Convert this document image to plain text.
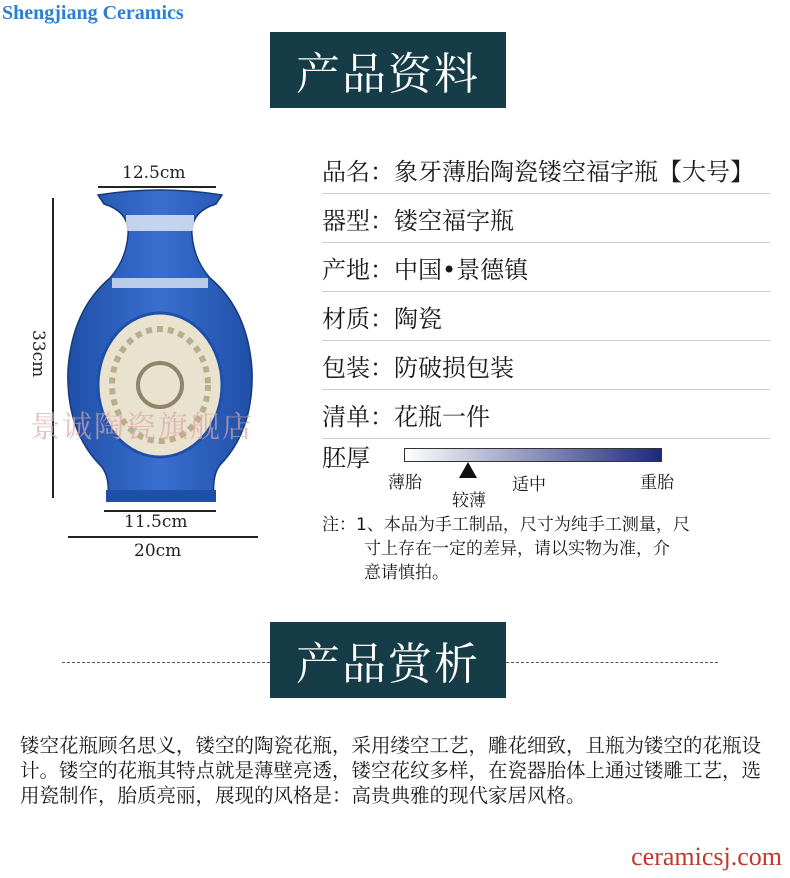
Shengjiang Ceramics
产品资料
12.5cm
33cm
11.5cm
20cm
景诚陶瓷旗舰店
品名： 象牙薄胎陶瓷镂空福字瓶【大号】
器型： 镂空福字瓶
产地： 中国•景德镇
材质： 陶瓷
包装： 防破损包装
清单： 花瓶一件
胚厚
薄胎
较薄
适中	重胎
注：1、本品为手工制品，尺寸为纯手工测量，尺
寸上存在一定的差异，请以实物为准，介
意请慎拍。
产品赏析
镂空花瓶顾名思义，镂空的陶瓷花瓶，采用缕空工艺，雕花细致，且瓶为镂空的花瓶设计。镂空的花瓶其特点就是薄壁亮透，镂空花纹多样，在瓷器胎体上通过镂雕工艺，选用瓷制作，胎质亮丽，展现的风格是：高贵典雅的现代家居风格。
ceramicsj.com
